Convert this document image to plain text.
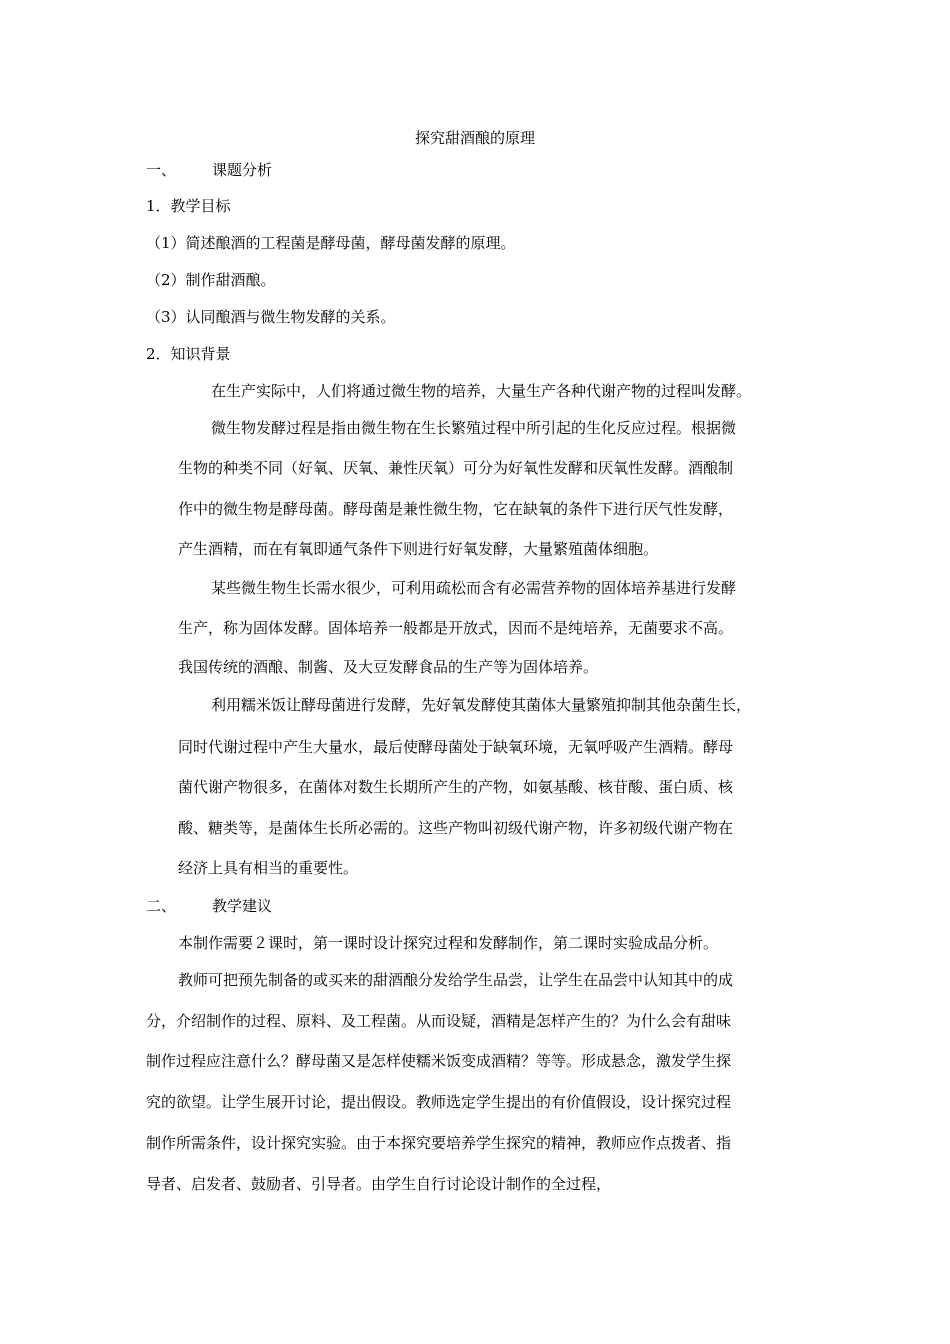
探究甜酒酿的原理
一、 课题分析
1．教学目标
（1）简述酿酒的工程菌是酵母菌，酵母菌发酵的原理。
（2）制作甜酒酿。
（3）认同酿酒与微生物发酵的关系。
2．知识背景
在生产实际中，人们将通过微生物的培养，大量生产各种代谢产物的过程叫发酵。
微生物发酵过程是指由微生物在生长繁殖过程中所引起的生化反应过程。根据微
生物的种类不同（好氧、厌氧、兼性厌氧）可分为好氧性发酵和厌氧性发酵。酒酿制
作中的微生物是酵母菌。酵母菌是兼性微生物，它在缺氧的条件下进行厌气性发酵，
产生酒精，而在有氧即通气条件下则进行好氧发酵，大量繁殖菌体细胞。
某些微生物生长需水很少，可利用疏松而含有必需营养物的固体培养基进行发酵
生产，称为固体发酵。固体培养一般都是开放式，因而不是纯培养，无菌要求不高。
我国传统的酒酿、制酱、及大豆发酵食品的生产等为固体培养。
利用糯米饭让酵母菌进行发酵，先好氧发酵使其菌体大量繁殖抑制其他杂菌生长，
同时代谢过程中产生大量水，最后使酵母菌处于缺氧环境，无氧呼吸产生酒精。酵母
菌代谢产物很多，在菌体对数生长期所产生的产物，如氨基酸、核苷酸、蛋白质、核
酸、糖类等，是菌体生长所必需的。这些产物叫初级代谢产物，许多初级代谢产物在
经济上具有相当的重要性。
二、 教学建议
本制作需要２课时，第一课时设计探究过程和发酵制作，第二课时实验成品分析。
教师可把预先制备的或买来的甜酒酿分发给学生品尝，让学生在品尝中认知其中的成
分，介绍制作的过程、原料、及工程菌。从而设疑，酒精是怎样产生的？为什么会有甜味
制作过程应注意什么？酵母菌又是怎样使糯米饭变成酒精？等等。形成悬念，激发学生探
究的欲望。让学生展开讨论，提出假设。教师选定学生提出的有价值假设，设计探究过程
制作所需条件，设计探究实验。由于本探究要培养学生探究的精神，教师应作点拨者、指
导者、启发者、鼓励者、引导者。由学生自行讨论设计制作的全过程，
